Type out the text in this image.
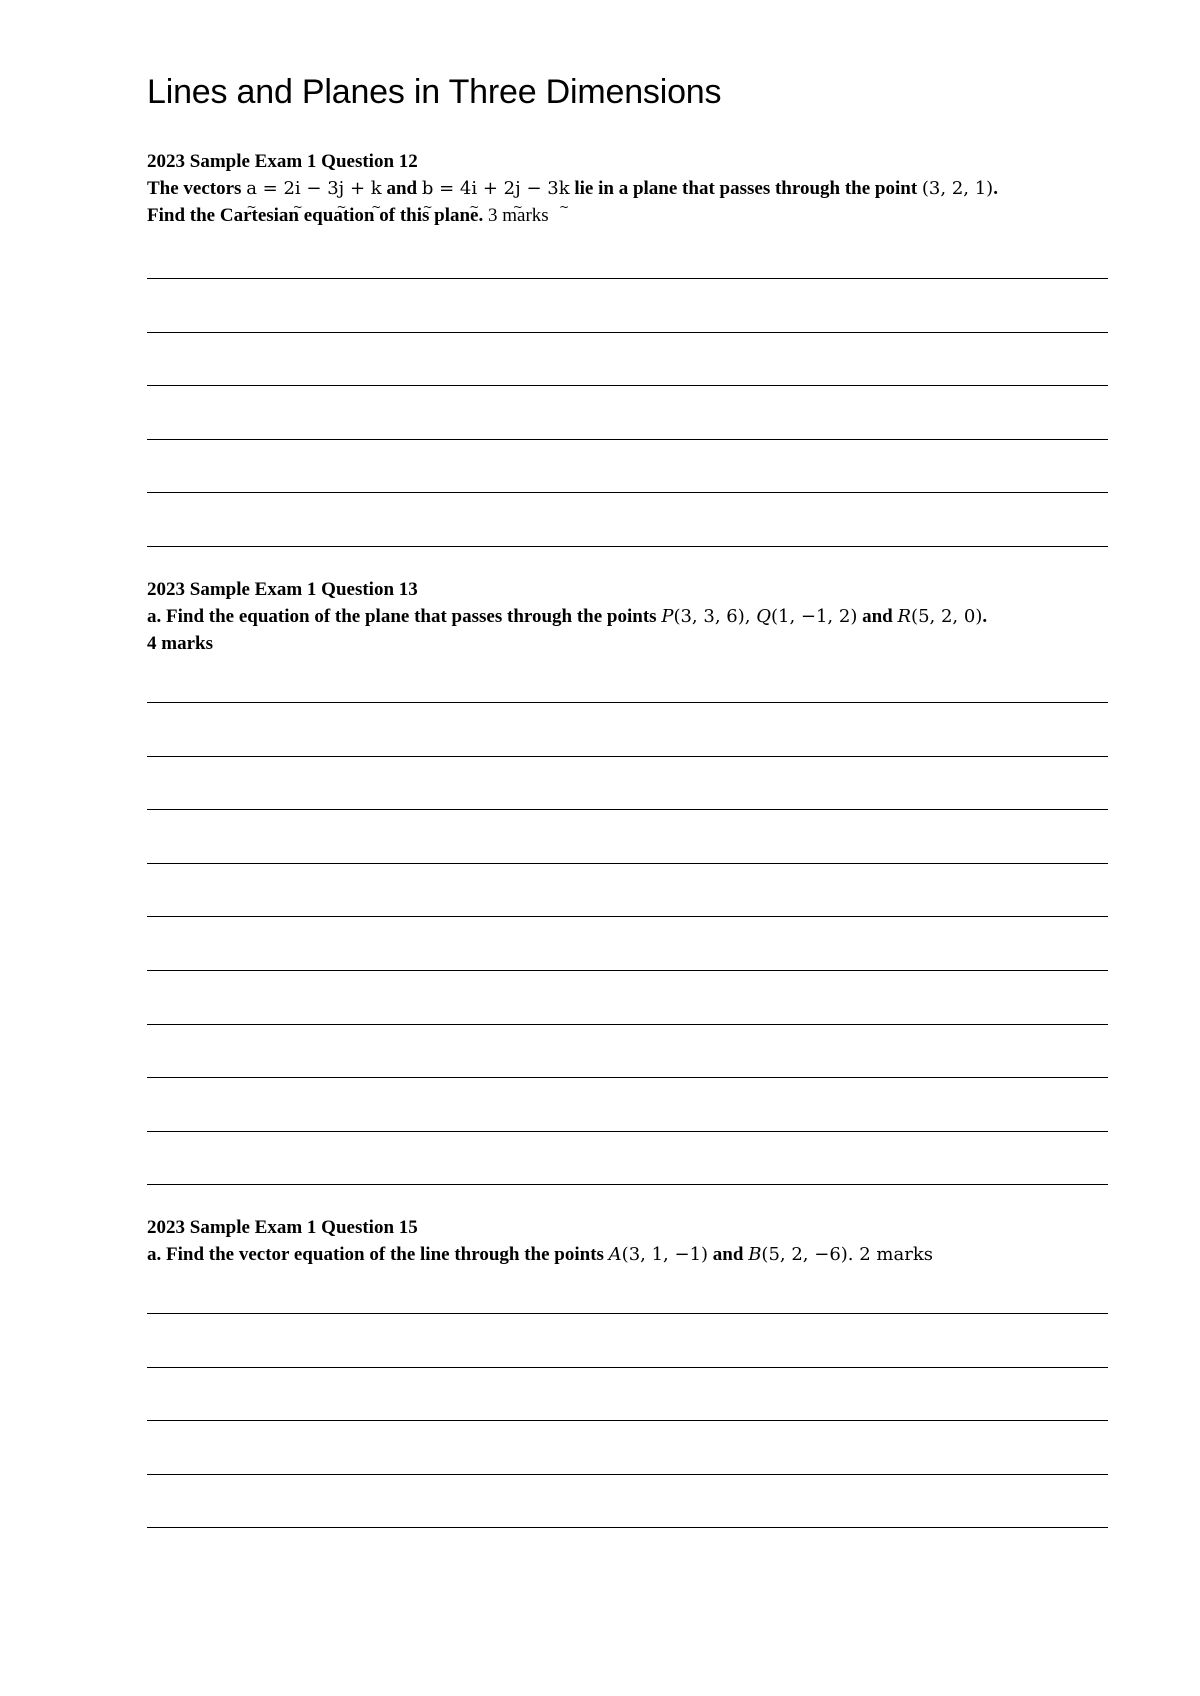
Lines and Planes in Three Dimensions

2023 Sample Exam 1 Question 12

The vectors a ~ = 2i ~ − 3j ~ + k ~ and b ~ = 4i ~ + 2j ~ − 3k ~ lie in a plane that passes through the point (3, 2, 1).

Find the Cartesian equation of this plane. 3 marks

2023 Sample Exam 1 Question 13

a. Find the equation of the plane that passes through the points P(3, 3, 6), Q(1, −1, 2) and R(5, 2, 0).

4 marks

2023 Sample Exam 1 Question 15

a. Find the vector equation of the line through the points A(3, 1, −1) and B(5, 2, −6). 2 marks
